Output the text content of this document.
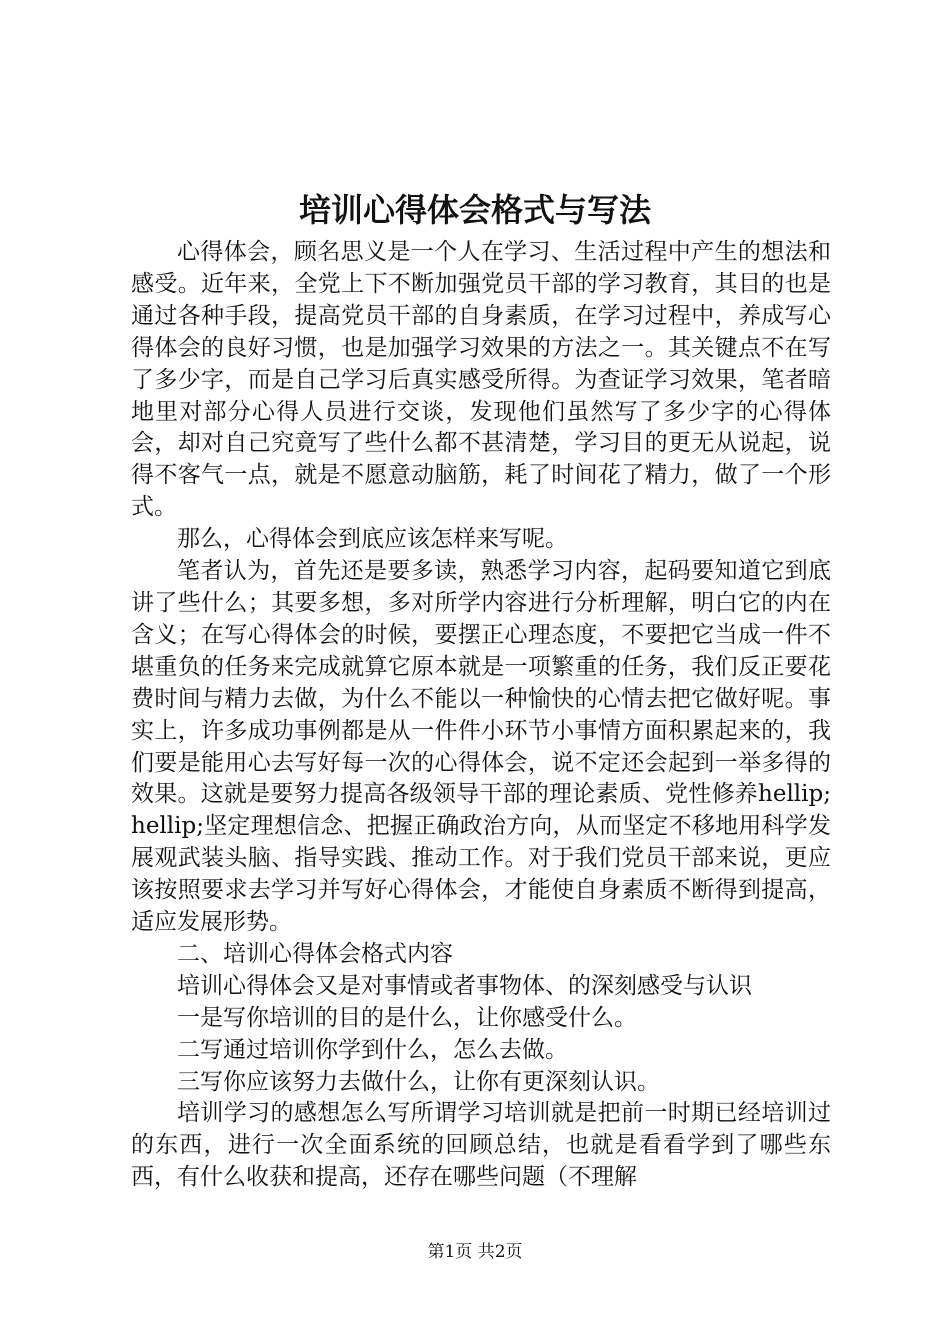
培训心得体会格式与写法

心得体会，顾名思义是一个人在学习、生活过程中产生的想法和感受。近年来，全党上下不断加强党员干部的学习教育，其目的也是通过各种手段，提高党员干部的自身素质，在学习过程中，养成写心得体会的良好习惯，也是加强学习效果的方法之一。其关键点不在写了多少字，而是自己学习后真实感受所得。为查证学习效果，笔者暗地里对部分心得人员进行交谈，发现他们虽然写了多少字的心得体会，却对自己究竟写了些什么都不甚清楚，学习目的更无从说起，说得不客气一点，就是不愿意动脑筋，耗了时间花了精力，做了一个形式。

那么，心得体会到底应该怎样来写呢。

笔者认为，首先还是要多读，熟悉学习内容，起码要知道它到底讲了些什么；其要多想，多对所学内容进行分析理解，明白它的内在含义；在写心得体会的时候，要摆正心理态度，不要把它当成一件不堪重负的任务来完成就算它原本就是一项繁重的任务，我们反正要花费时间与精力去做，为什么不能以一种愉快的心情去把它做好呢。事实上，许多成功事例都是从一件件小环节小事情方面积累起来的，我们要是能用心去写好每一次的心得体会，说不定还会起到一举多得的效果。这就是要努力提高各级领导干部的理论素质、党性修养hellip;hellip;坚定理想信念、把握正确政治方向，从而坚定不移地用科学发展观武装头脑、指导实践、推动工作。对于我们党员干部来说，更应该按照要求去学习并写好心得体会，才能使自身素质不断得到提高，适应发展形势。

二、培训心得体会格式内容

培训心得体会又是对事情或者事物体、的深刻感受与认识

一是写你培训的目的是什么，让你感受什么。

二写通过培训你学到什么，怎么去做。

三写你应该努力去做什么，让你有更深刻认识。

培训学习的感想怎么写所谓学习培训就是把前一时期已经培训过的东西，进行一次全面系统的回顾总结，也就是看看学到了哪些东西，有什么收获和提高，还存在哪些问题（不理解

第1页 共2页
